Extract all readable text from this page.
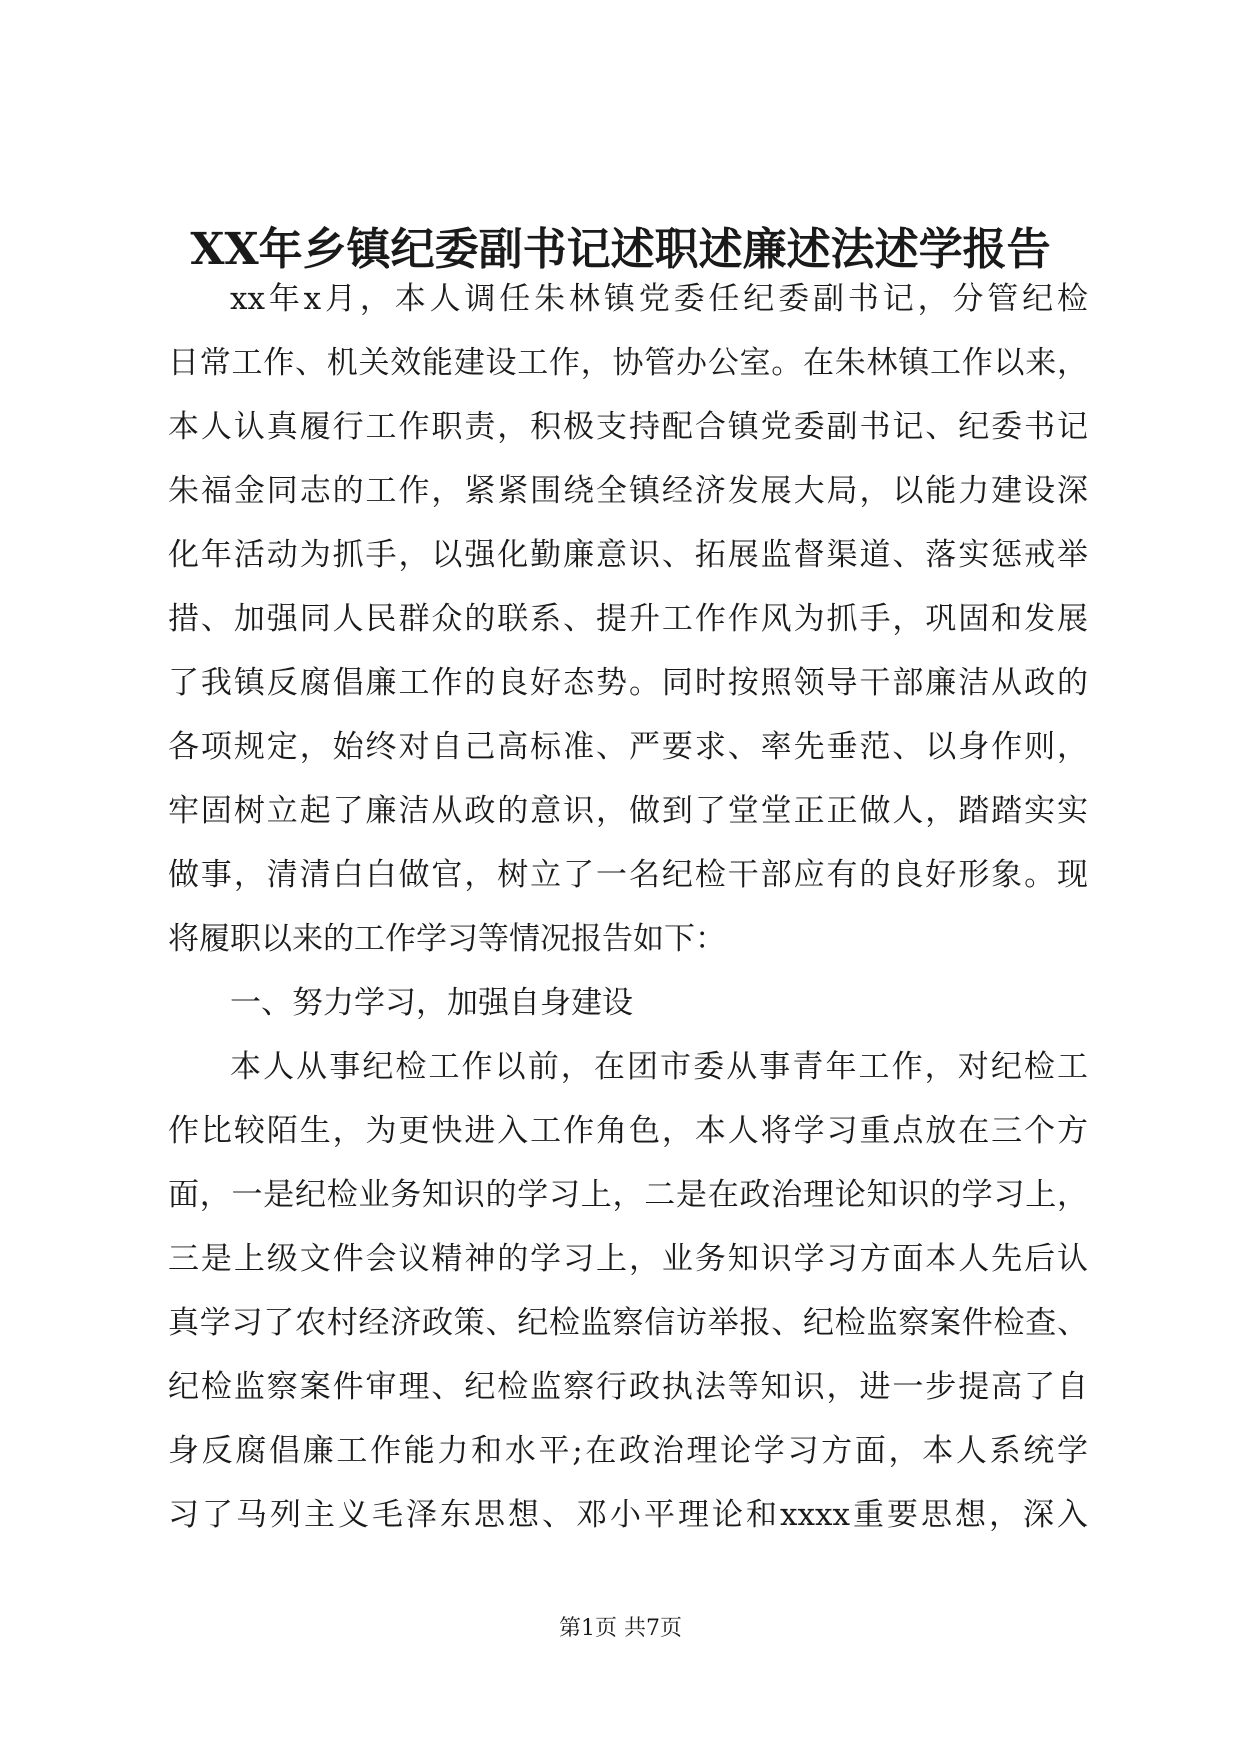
XX年乡镇纪委副书记述职述廉述法述学报告
xx年x月，本人调任朱林镇党委任纪委副书记，分管纪检
日常工作、机关效能建设工作，协管办公室。在朱林镇工作以来，
本人认真履行工作职责，积极支持配合镇党委副书记、纪委书记
朱福金同志的工作，紧紧围绕全镇经济发展大局，以能力建设深
化年活动为抓手，以强化勤廉意识、拓展监督渠道、落实惩戒举
措、加强同人民群众的联系、提升工作作风为抓手，巩固和发展
了我镇反腐倡廉工作的良好态势。同时按照领导干部廉洁从政的
各项规定，始终对自己高标准、严要求、率先垂范、以身作则，
牢固树立起了廉洁从政的意识，做到了堂堂正正做人，踏踏实实
做事，清清白白做官，树立了一名纪检干部应有的良好形象。现
将履职以来的工作学习等情况报告如下：
一、努力学习，加强自身建设
本人从事纪检工作以前，在团市委从事青年工作，对纪检工
作比较陌生，为更快进入工作角色，本人将学习重点放在三个方
面，一是纪检业务知识的学习上，二是在政治理论知识的学习上，
三是上级文件会议精神的学习上，业务知识学习方面本人先后认
真学习了农村经济政策、纪检监察信访举报、纪检监察案件检查、
纪检监察案件审理、纪检监察行政执法等知识，进一步提高了自
身反腐倡廉工作能力和水平;在政治理论学习方面，本人系统学
习了马列主义毛泽东思想、邓小平理论和xxxx重要思想，深入
第1页 共7页
